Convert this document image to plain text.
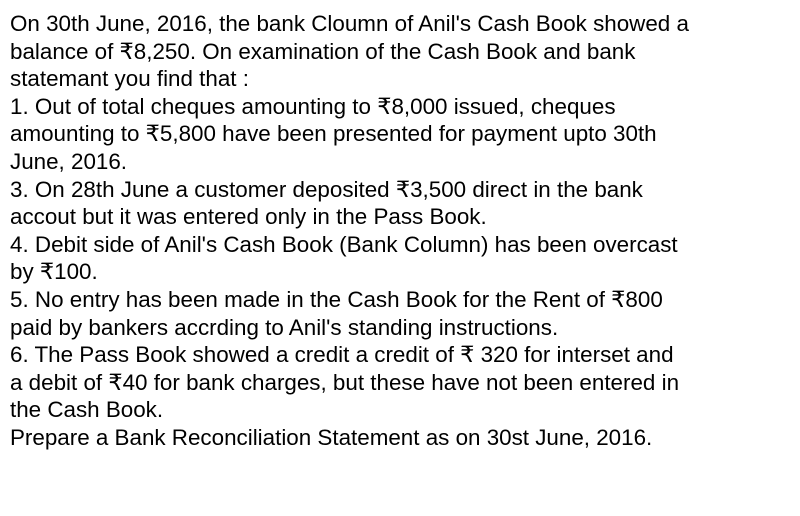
On 30th June, 2016, the bank Cloumn of Anil's Cash Book showed a
balance of ₹8,250. On examination of the Cash Book and bank
statemant you find that :
1. Out of total cheques amounting to ₹8,000 issued, cheques
amounting to ₹5,800 have been presented for payment upto 30th
June, 2016.
3. On 28th June a customer deposited ₹3,500 direct in the bank
accout but it was entered only in the Pass Book.
4. Debit side of Anil's Cash Book (Bank Column) has been overcast
by ₹100.
5. No entry has been made in the Cash Book for the Rent of ₹800
paid by bankers accrding to Anil's standing instructions.
6. The Pass Book showed a credit a credit of ₹ 320 for interset and
a debit of ₹40 for bank charges, but these have not been entered in
the Cash Book.
Prepare a Bank Reconciliation Statement as on 30st June, 2016.
